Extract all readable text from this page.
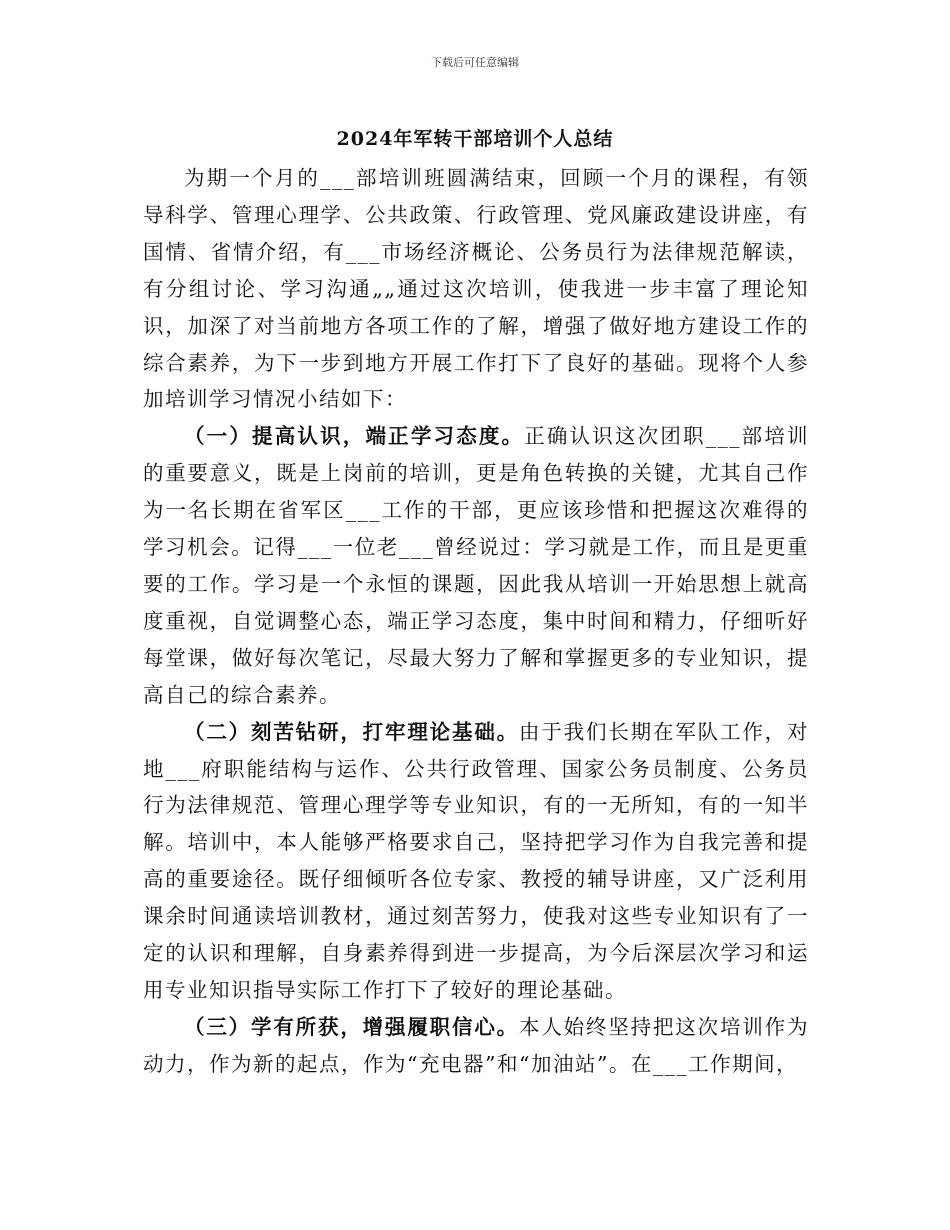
下载后可任意编辑
2024年军转干部培训个人总结

为期一个月的___部培训班圆满结束，回顾一个月的课程，有领导科学、管理心理学、公共政策、行政管理、党风廉政建设讲座，有国情、省情介绍，有___市场经济概论、公务员行为法律规范解读，有分组讨论、学习沟通„„通过这次培训，使我进一步丰富了理论知识，加深了对当前地方各项工作的了解，增强了做好地方建设工作的综合素养，为下一步到地方开展工作打下了良好的基础。现将个人参加培训学习情况小结如下：

（一）提高认识，端正学习态度。正确认识这次团职___部培训的重要意义，既是上岗前的培训，更是角色转换的关键，尤其自己作为一名长期在省军区___工作的干部，更应该珍惜和把握这次难得的学习机会。记得___一位老___曾经说过：学习就是工作，而且是更重要的工作。学习是一个永恒的课题，因此我从培训一开始思想上就高度重视，自觉调整心态，端正学习态度，集中时间和精力，仔细听好每堂课，做好每次笔记，尽最大努力了解和掌握更多的专业知识，提高自己的综合素养。

（二）刻苦钻研，打牢理论基础。由于我们长期在军队工作，对地___府职能结构与运作、公共行政管理、国家公务员制度、公务员行为法律规范、管理心理学等专业知识，有的一无所知，有的一知半解。培训中，本人能够严格要求自己，坚持把学习作为自我完善和提高的重要途径。既仔细倾听各位专家、教授的辅导讲座，又广泛利用课余时间通读培训教材，通过刻苦努力，使我对这些专业知识有了一定的认识和理解，自身素养得到进一步提高，为今后深层次学习和运用专业知识指导实际工作打下了较好的理论基础。

（三）学有所获，增强履职信心。本人始终坚持把这次培训作为动力，作为新的起点，作为“充电器”和“加油站”。在___工作期间，
